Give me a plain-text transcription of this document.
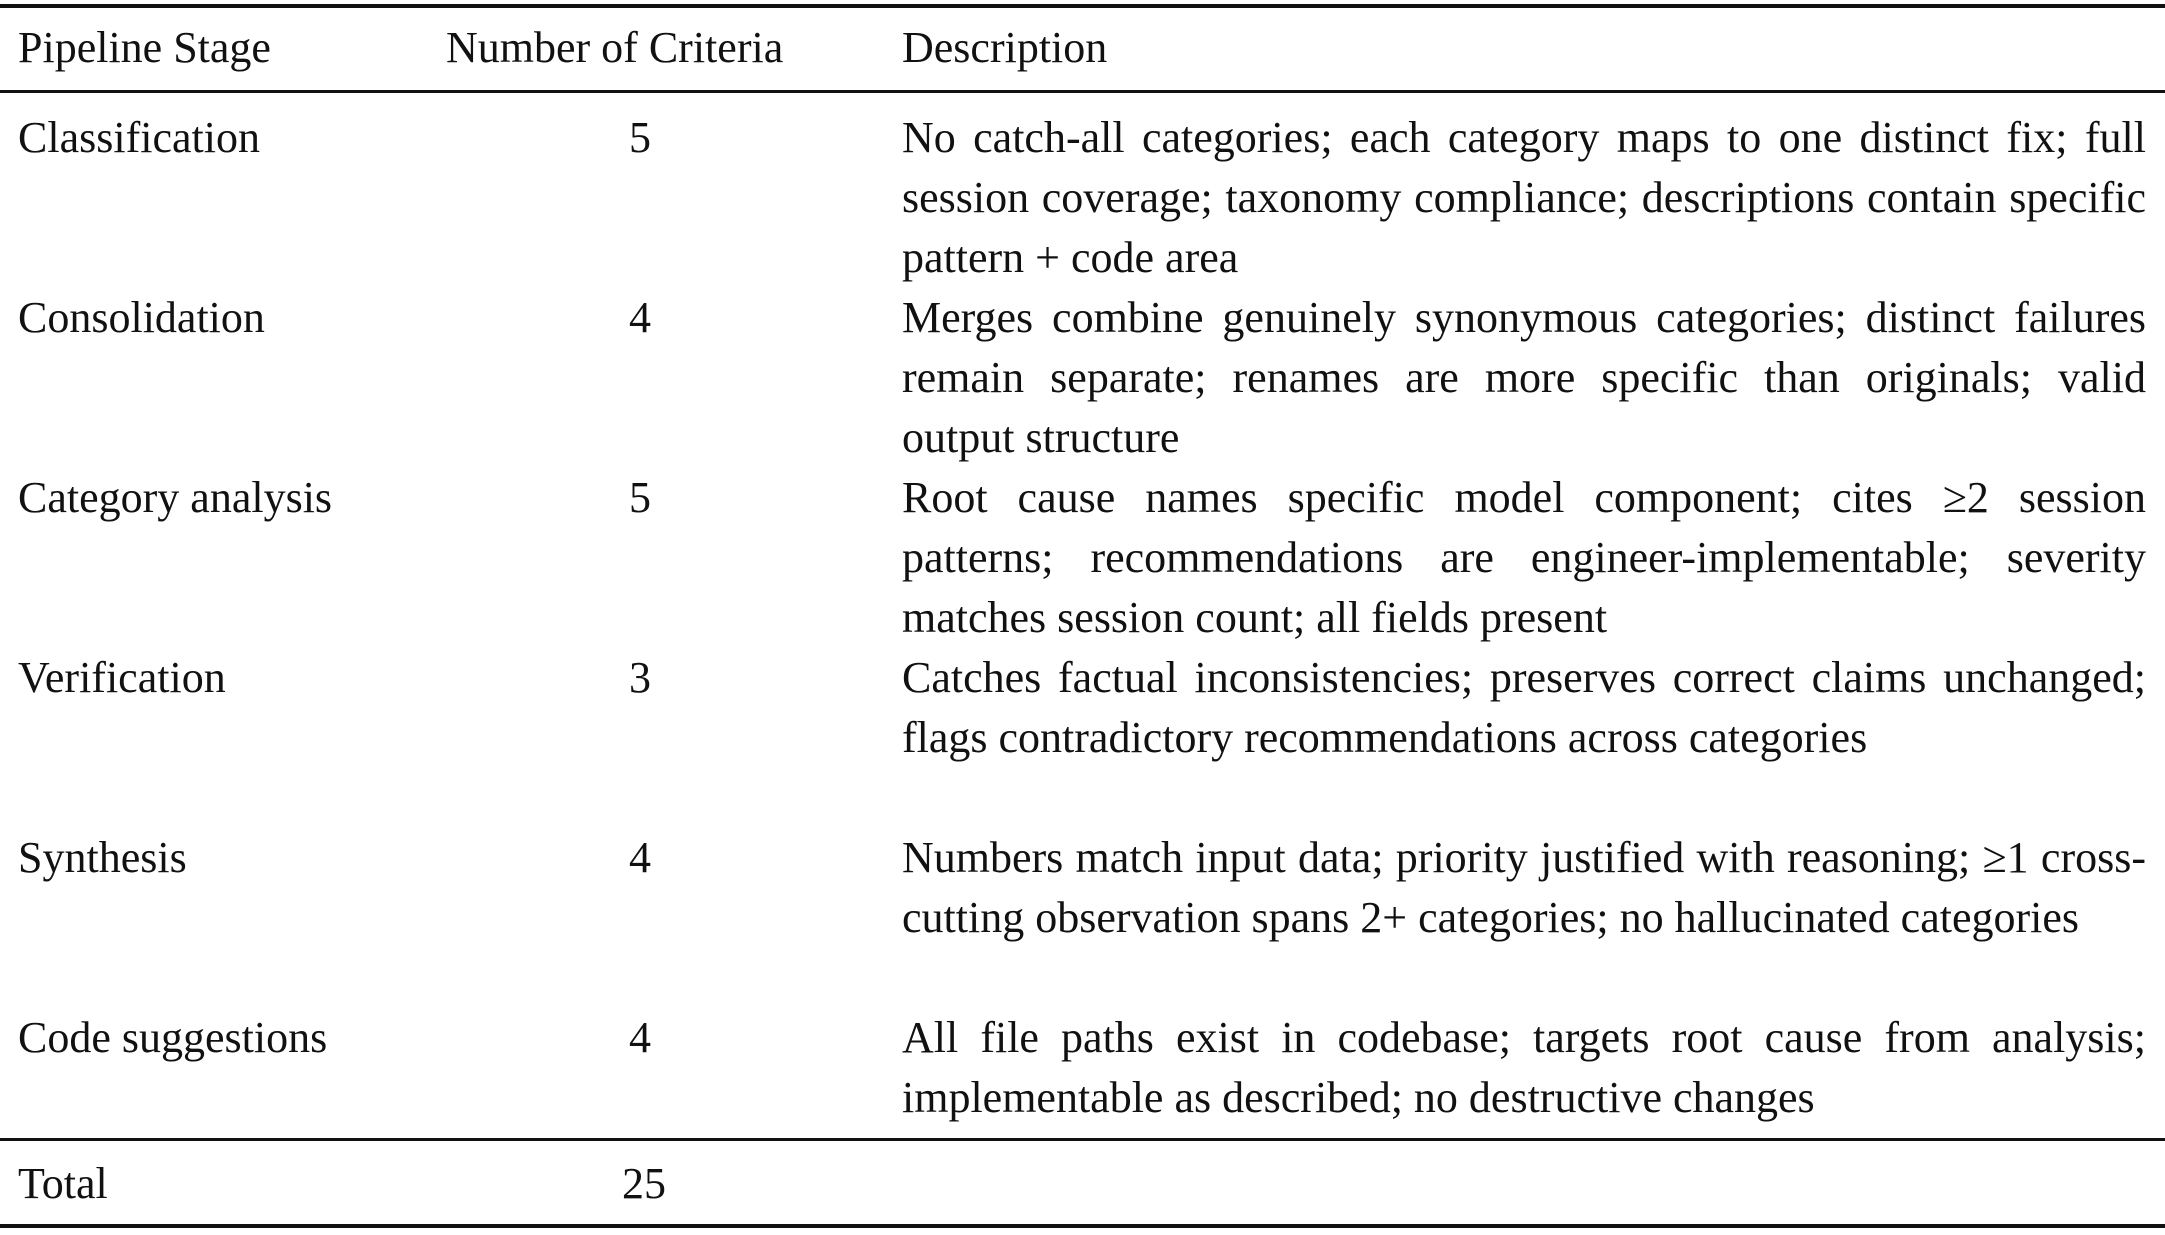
Pipeline Stage	Number of Criteria	Description
Classification	5	No catch-all categories; each category maps to one distinct fix; full session coverage; taxonomy compliance; descriptions contain specific pattern + code area
Consolidation	4	Merges combine genuinely synonymous categories; distinct failures remain separate; renames are more specific than originals; valid output structure
Category analysis	5	Root cause names specific model component; cites ≥2 session patterns; recommendations are engineer-implementable; severity matches session count; all fields present
Verification	3	Catches factual inconsistencies; preserves correct claims unchanged; flags contradictory recommendations across categories
Synthesis	4	Numbers match input data; priority justified with reasoning; ≥1 cross-cutting observation spans 2+ categories; no hallucinated categories
Code suggestions	4	All file paths exist in codebase; targets root cause from analysis; implementable as described; no destructive changes
Total	25
